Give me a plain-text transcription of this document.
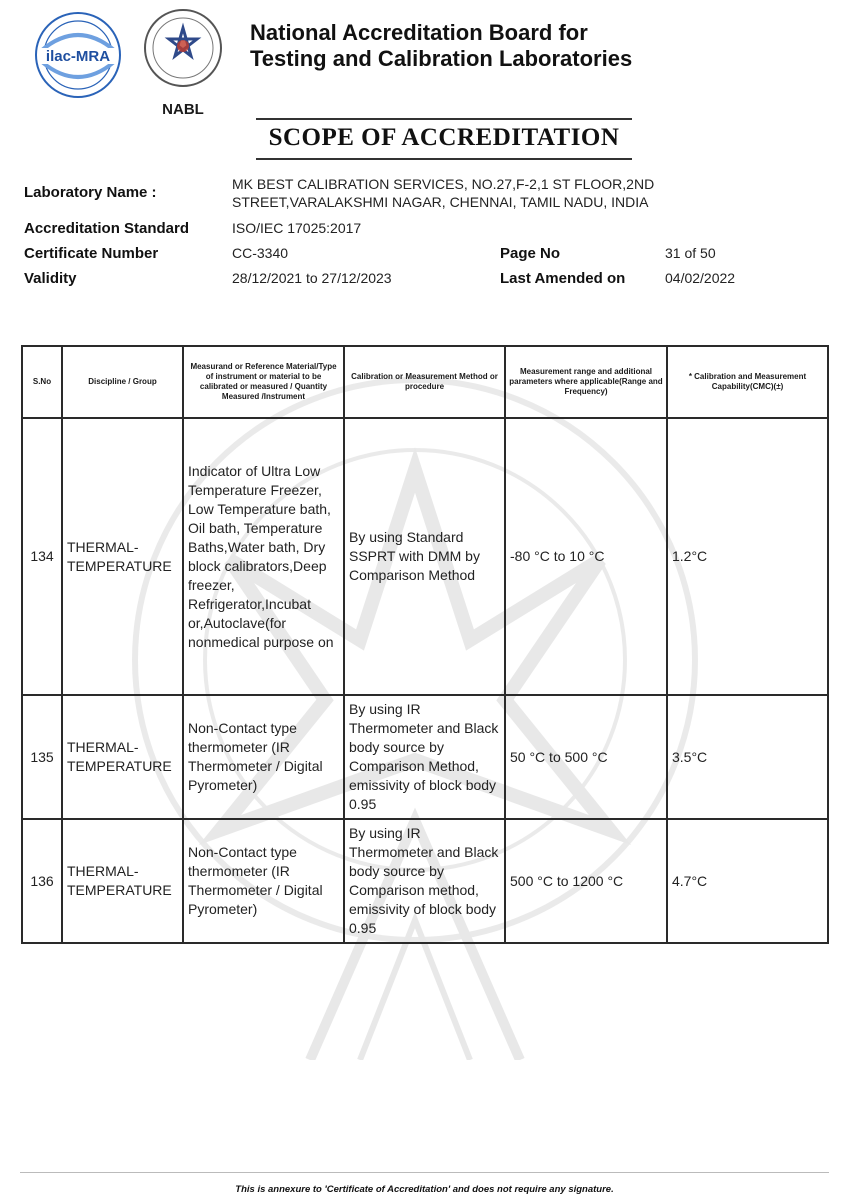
ilac-MRA
NABL
National Accreditation Board for
Testing and Calibration Laboratories
SCOPE OF ACCREDITATION
Laboratory Name :	MK BEST CALIBRATION SERVICES, NO.27,F-2,1 ST FLOOR,2ND
STREET,VARALAKSHMI NAGAR, CHENNAI, TAMIL NADU, INDIA
Accreditation Standard	ISO/IEC 17025:2017
Certificate Number	CC-3340	Page No	31 of 50
Validity	28/12/2021 to 27/12/2023	Last Amended on	04/02/2022
S.No	Discipline / Group	Measurand or Reference Material/Type of instrument or material to be calibrated or measured / Quantity Measured /Instrument	Calibration or Measurement Method or procedure	Measurement range and additional parameters where applicable(Range and Frequency)	* Calibration and Measurement Capability(CMC)(±)
134	THERMAL- TEMPERATURE	Indicator of Ultra Low Temperature Freezer, Low Temperature bath, Oil bath, Temperature Baths,Water bath, Dry block calibrators,Deep freezer, Refrigerator,Incubat or,Autoclave(for nonmedical purpose on	By using Standard SSPRT with DMM by Comparison Method	-80 °C to 10 °C	1.2°C
135	THERMAL- TEMPERATURE	Non-Contact type thermometer (IR Thermometer / Digital Pyrometer)	By using IR Thermometer and Black body source by Comparison Method, emissivity of block body 0.95	50 °C to 500 °C	3.5°C
136	THERMAL- TEMPERATURE	Non-Contact type thermometer (IR Thermometer / Digital Pyrometer)	By using IR Thermometer and Black body source by Comparison method, emissivity of block body 0.95	500 °C to 1200 °C	4.7°C
This is annexure to 'Certificate of Accreditation' and does not require any signature.
